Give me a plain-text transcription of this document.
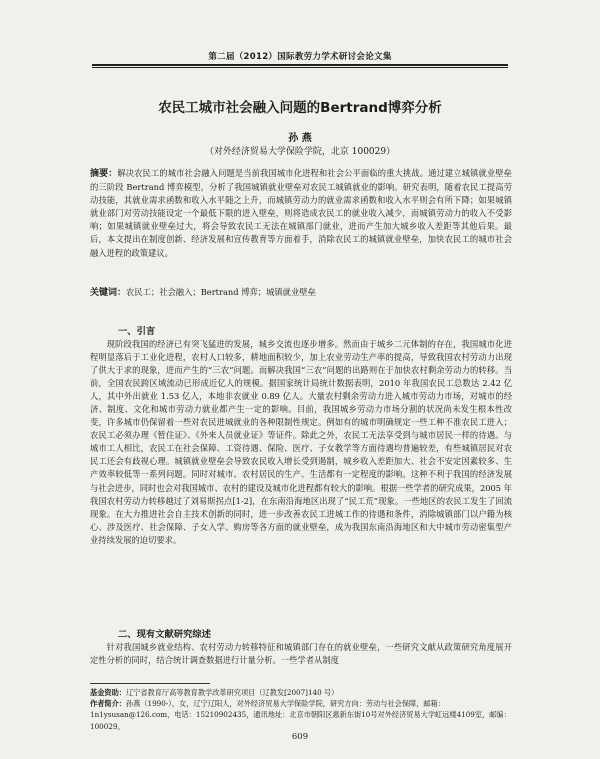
第二届（2012）国际教劳力学术研讨会论文集
农民工城市社会融入问题的Bertrand博弈分析
孙 燕
（对外经济贸易大学保险学院，北京 100029）
摘要：解决农民工的城市社会融入问题是当前我国城市化进程和社会公平面临的重大挑战。通过建立城镇就业壁垒的三阶段 Bertrand 博弈模型，分析了我国城镇就业壁垒对农民工城镇就业的影响。研究表明，随着农民工提高劳动技能，其就业需求函数和收入水平随之上升，而城镇劳动力的就业需求函数和收入水平则会有所下降；如果城镇就业部门对劳动技能设定一个最低下限的进入壁垒，则将造成农民工的就业收入减少，而城镇劳动力的收入不受影响；如果城镇就业壁垒过大，将会导致农民工无法在城镇部门就业，进而产生加大城乡收入差距等其他后果。最后，本文提出在制度创新、经济发展和宣传教育等方面着手，消除农民工的城镇就业壁垒，加快农民工的城市社会融入进程的政策建议。
关键词：农民工；社会融入；Bertrand 博弈；城镇就业壁垒
一、引言

现阶段我国的经济已有突飞猛进的发展，城乡交流也逐步增多。然而由于城乡二元体制的存在，我国城市化进程明显落后于工业化进程，农村人口较多，耕地面积较少，加上农业劳动生产率的提高，导致我国农村劳动力出现了供大于求的现象，进而产生的“三农”问题。而解决我国“三农”问题的出路则在于加快农村剩余劳动力的转移。当前，全国农民跨区域流动已形成近亿人的规模。据国家统计局统计数据表明，2010 年我国农民工总数达 2.42 亿人，其中外出就业 1.53 亿人，本地非农就业 0.89 亿人。大量农村剩余劳动力进入城市劳动力市场，对城市的经济、制度、文化和城市劳动力就业都产生一定的影响。目前，我国城乡劳动力市场分割的状况尚未发生根本性改变，许多城市仍保留着一些对农民进城就业的各种限制性规定。例如有的城市明确规定一些工种不准农民工进入；农民工必须办理《暂住证》、《外来人员就业证》等证件。除此之外，农民工无法享受到与城市居民一样的待遇。与城市工人相比，农民工在社会保障、工资待遇、保险、医疗、子女教学等方面待遇均普遍较差，有些城镇居民对农民工还会有歧视心理。城镇就业壁垒会导致农民收入增长受到遏制，城乡收入差距加大、社会不安定因素较多、生产效率较低等一系列问题。同时对城市、农村居民的生产、生活都有一定程度的影响。这种不利于我国的经济发展与社会进步，同时也会对我国城市、农村的建设及城市化进程都有较大的影响。根据一些学者的研究成果，2005 年我国农村劳动力转移越过了刘易斯拐点[1-2]，在东南沿海地区出现了“民工荒”现象。一些地区的农民工发生了回流现象。在大力推进社会自主技术创新的同时，进一步改善农民工进城工作的待遇和条件，消除城镇部门以户籍为核心、涉及医疗、社会保障、子女入学、购房等各方面的就业壁垒，成为我国东南沿海地区和大中城市劳动密集型产业持续发展的迫切要求。

二、现有文献研究综述

针对我国城乡就业结构、农村劳动力转移特征和城镇部门存在的就业壁垒，一些研究文献从政策研究角度展开定性分析的同时，结合统计调查数据进行计量分析。一些学者从制度

基金资助：辽宁省教育厅高等教育教学改革研究项目（辽教发[2007]140 号）

作者简介：孙燕（1990-），女，辽宁辽阳人，对外经济贸易大学保险学院，研究方向：劳动与社会保障，邮箱：1n1ysusan@126.com，电话：15210902435，通讯地址：北京市朝阳区惠新东街10号对外经济贸易大学虹远楼4109室，邮编：100029。

609
